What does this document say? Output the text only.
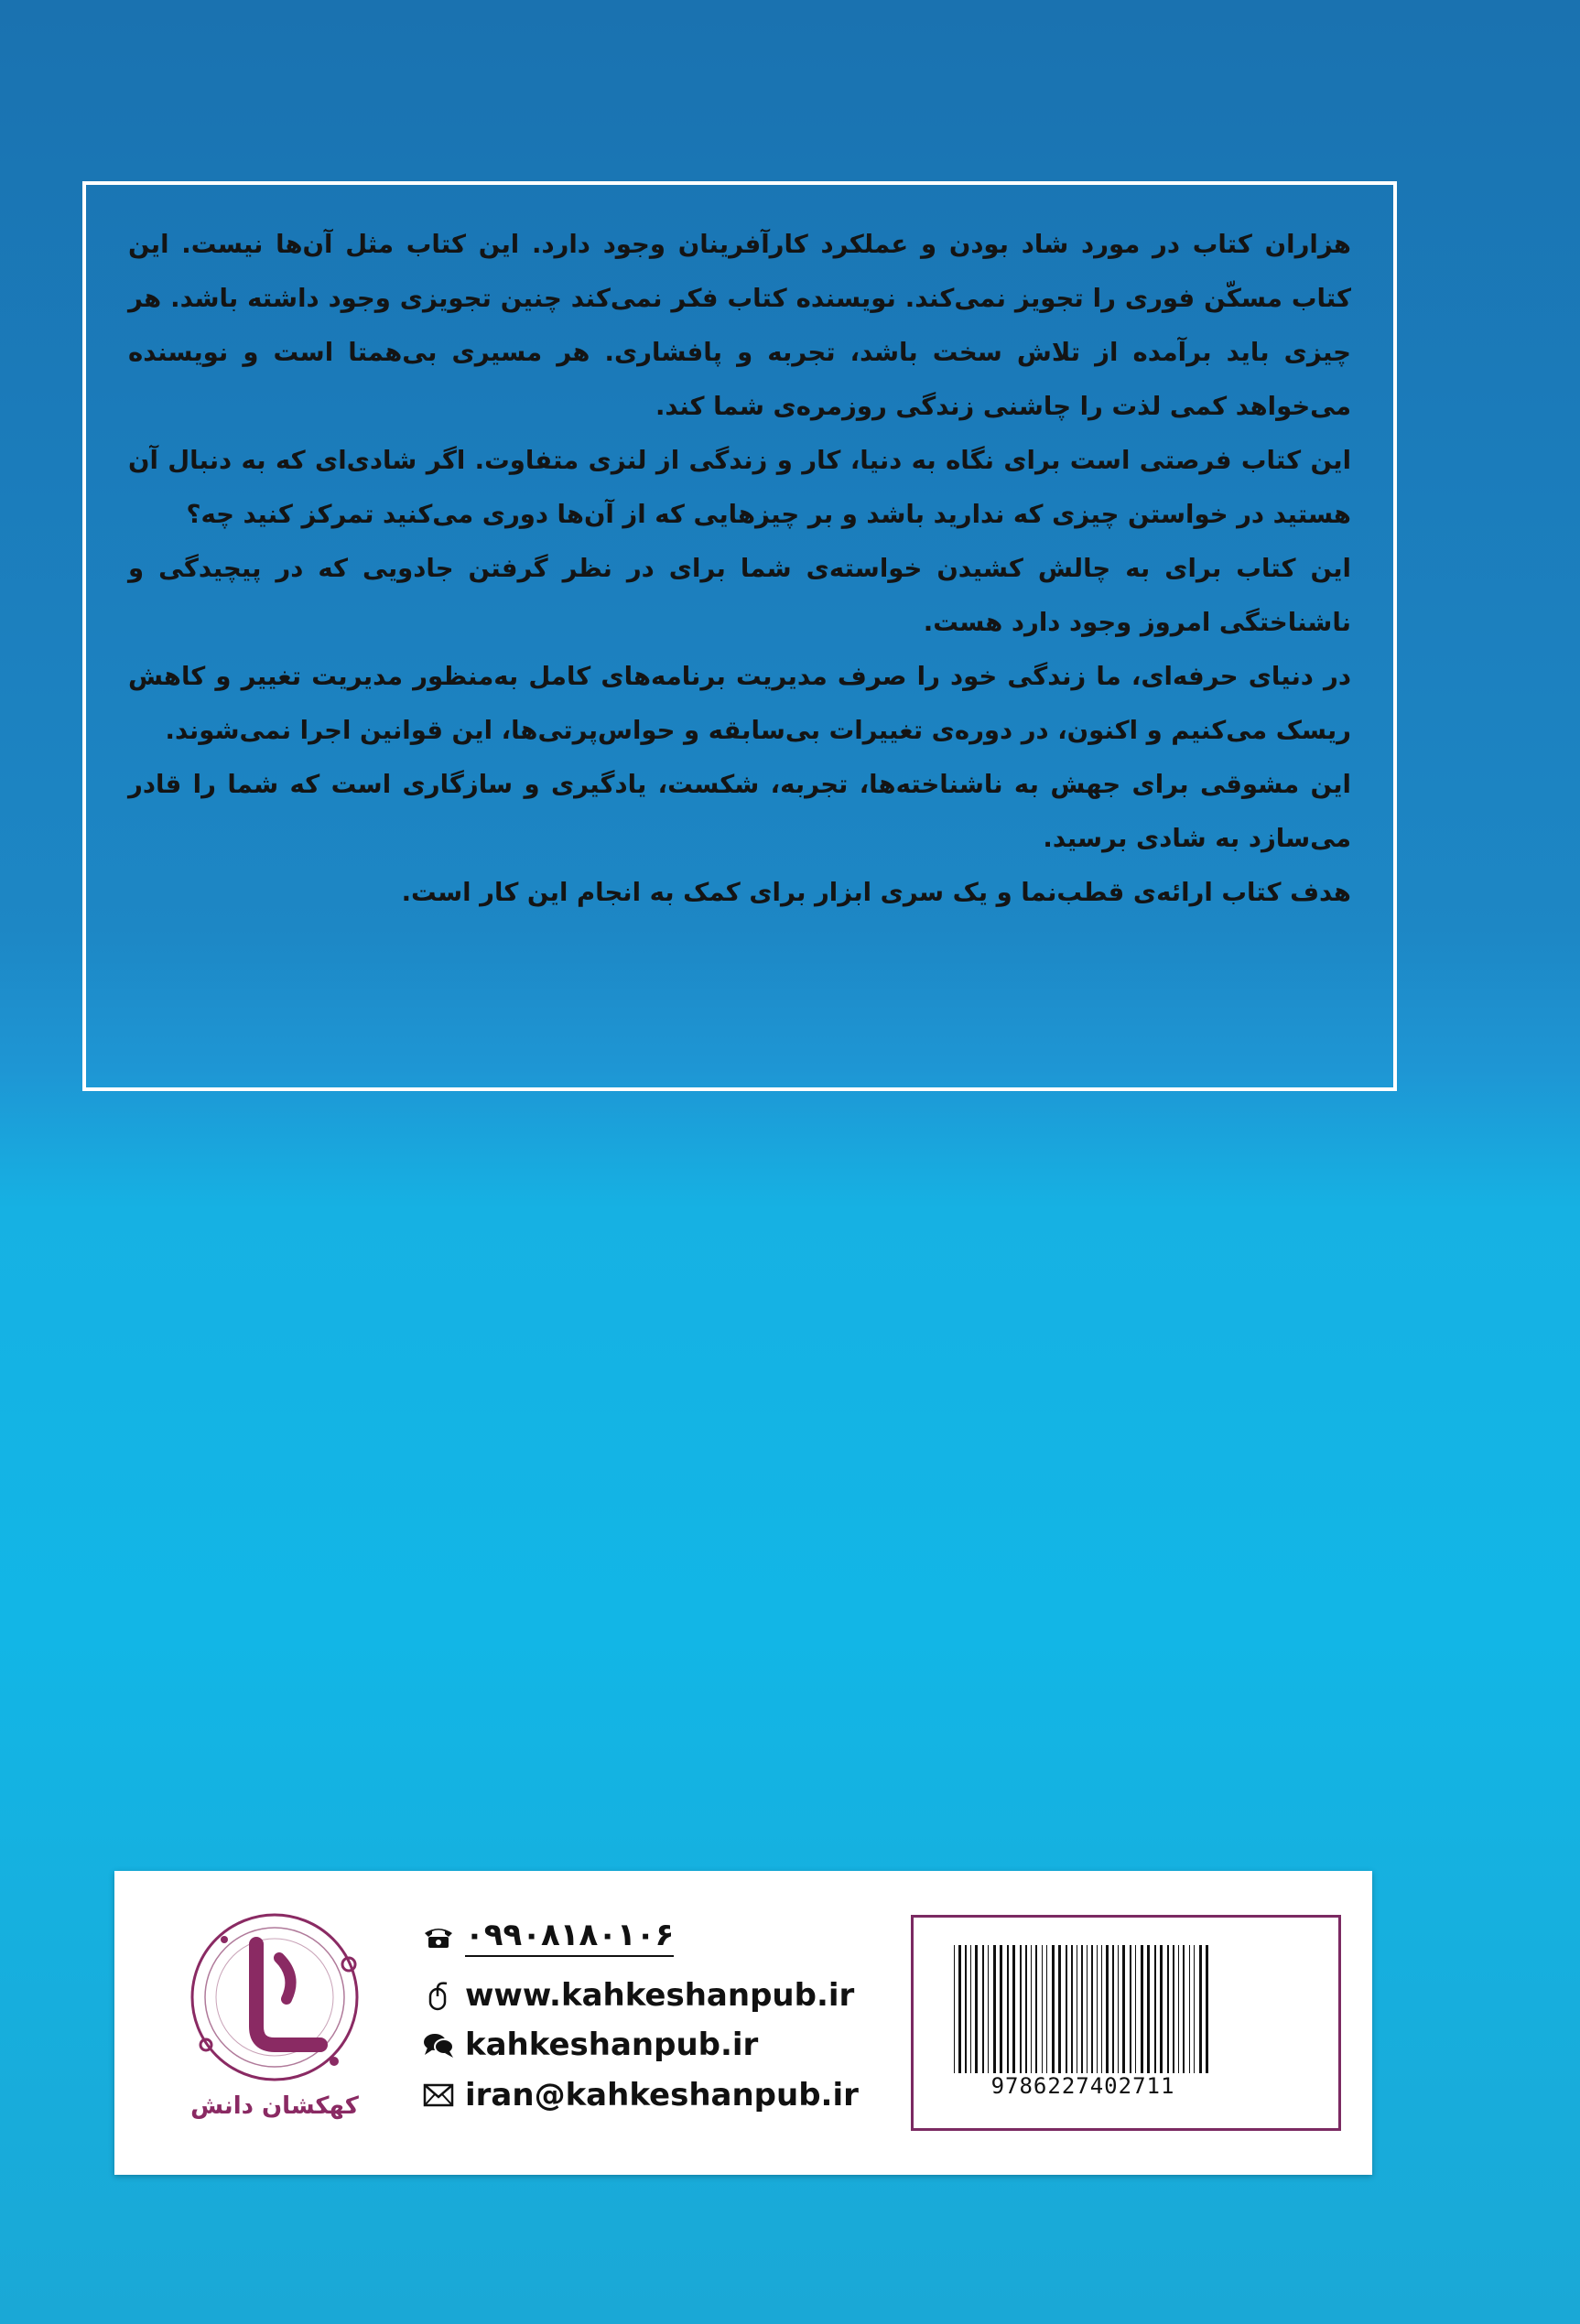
هزاران کتاب در مورد شاد بودن و عملکرد کارآفرینان وجود دارد. این کتاب مثل آن‌ها نیست. این کتاب مسکّن فوری را تجویز نمی‌کند. نویسنده کتاب فکر نمی‌کند چنین تجویزی وجود داشته باشد. هر چیزی باید برآمده از تلاش سخت باشد، تجربه و پافشاری. هر مسیری بی‌همتا است و نویسنده می‌خواهد کمی لذت را چاشنی زندگی روزمره‌ی شما کند.

این کتاب فرصتی است برای نگاه به دنیا، کار و زندگی از لنزی متفاوت. اگر شادی‌ای که به دنبال آن هستید در خواستن چیزی که ندارید باشد و بر چیزهایی که از آن‌ها دوری می‌کنید تمرکز کنید چه؟

این کتاب برای به چالش کشیدن خواسته‌ی شما برای در نظر گرفتن جادویی که در پیچیدگی و ناشناختگی امروز وجود دارد هست.

در دنیای حرفه‌ای، ما زندگی خود را صرف مدیریت برنامه‌های کامل به‌منظور مدیریت تغییر و کاهش ریسک می‌کنیم و اکنون، در دوره‌ی تغییرات بی‌سابقه و حواس‌پرتی‌ها، این قوانین اجرا نمی‌شوند.

این مشوقی برای جهش به ناشناخته‌ها، تجربه، شکست، یادگیری و سازگاری است که شما را قادر می‌سازد به شادی برسید.

هدف کتاب ارائه‌ی قطب‌نما و یک سری ابزار برای کمک به انجام این کار است.

کهکشان دانش
۰۹۹۰۸۱۸۰۱۰۶
www.kahkeshanpub.ir
kahkeshanpub.ir
iran@kahkeshanpub.ir	9786227402711
